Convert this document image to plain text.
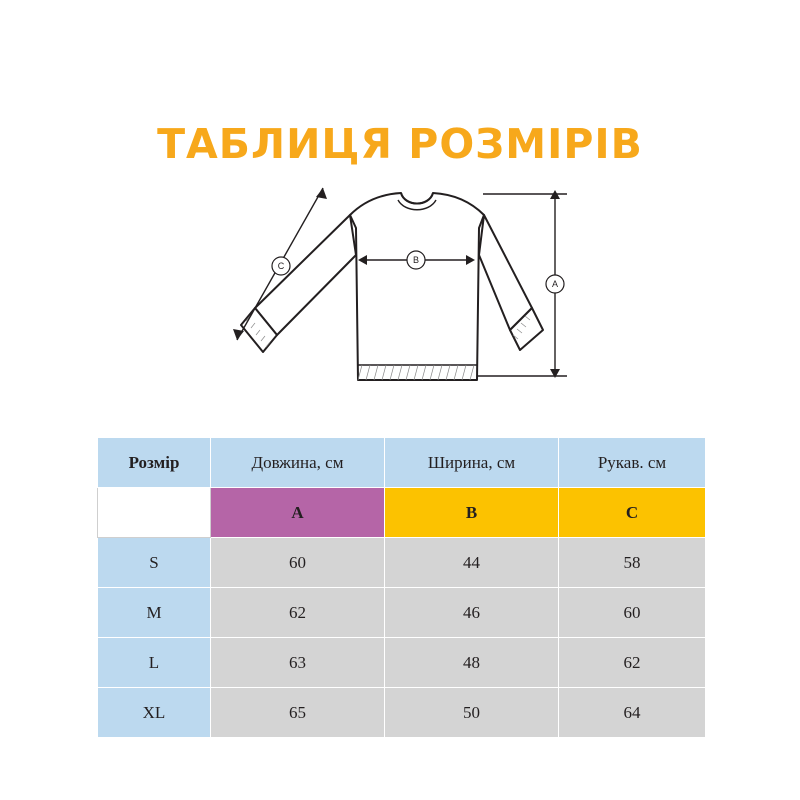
ТАБЛИЦЯ РОЗМІРІВ
C
B
A
Розмір	Довжина, см	Ширина, см	Рукав. см
	A	B	C
S	60	44	58
M	62	46	60
L	63	48	62
XL	65	50	64
